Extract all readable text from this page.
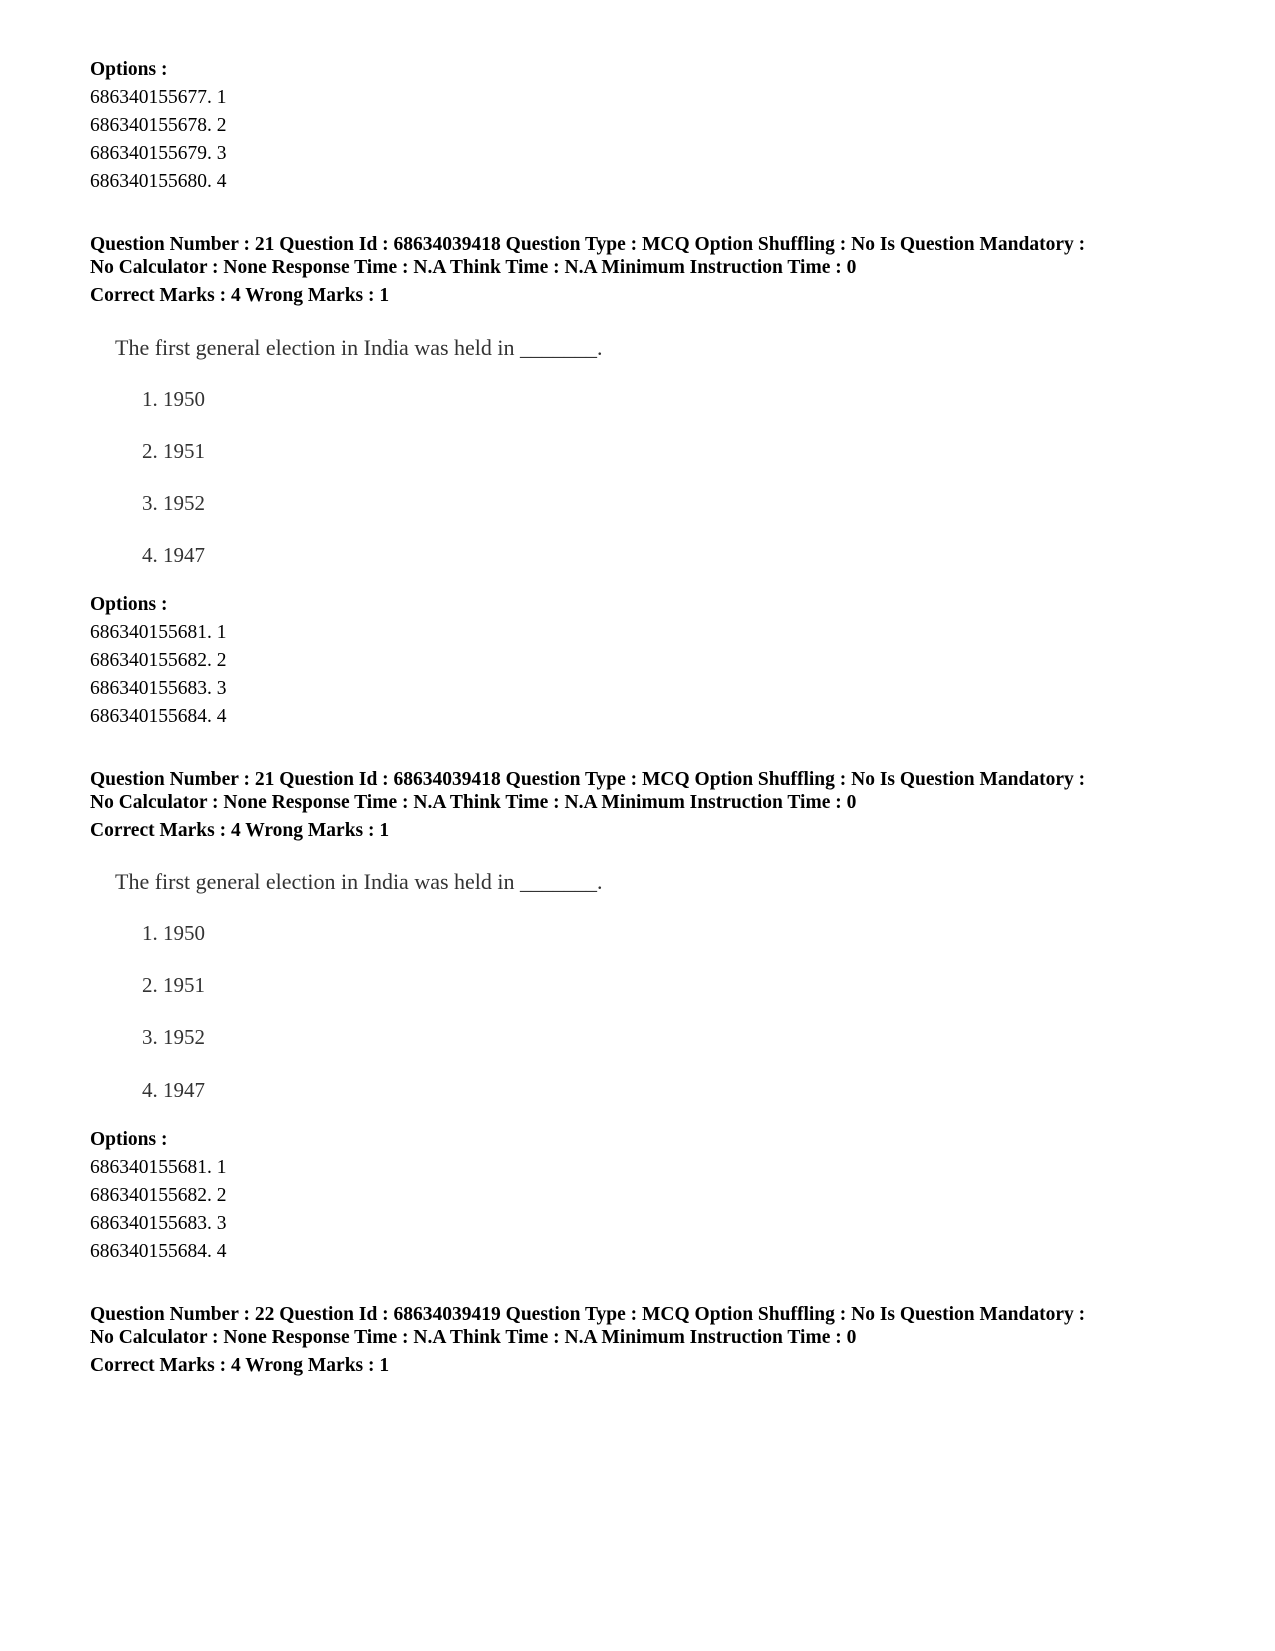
Options :
686340155677. 1
686340155678. 2
686340155679. 3
686340155680. 4
Question Number : 21 Question Id : 68634039418 Question Type : MCQ Option Shuffling : No Is Question Mandatory :
No Calculator : None Response Time : N.A Think Time : N.A Minimum Instruction Time : 0
Correct Marks : 4 Wrong Marks : 1
The first general election in India was held in _______.
1. 1950
2. 1951
3. 1952
4. 1947
Options :
686340155681. 1
686340155682. 2
686340155683. 3
686340155684. 4
Question Number : 21 Question Id : 68634039418 Question Type : MCQ Option Shuffling : No Is Question Mandatory :
No Calculator : None Response Time : N.A Think Time : N.A Minimum Instruction Time : 0
Correct Marks : 4 Wrong Marks : 1
The first general election in India was held in _______.
1. 1950
2. 1951
3. 1952
4. 1947
Options :
686340155681. 1
686340155682. 2
686340155683. 3
686340155684. 4
Question Number : 22 Question Id : 68634039419 Question Type : MCQ Option Shuffling : No Is Question Mandatory :
No Calculator : None Response Time : N.A Think Time : N.A Minimum Instruction Time : 0
Correct Marks : 4 Wrong Marks : 1
